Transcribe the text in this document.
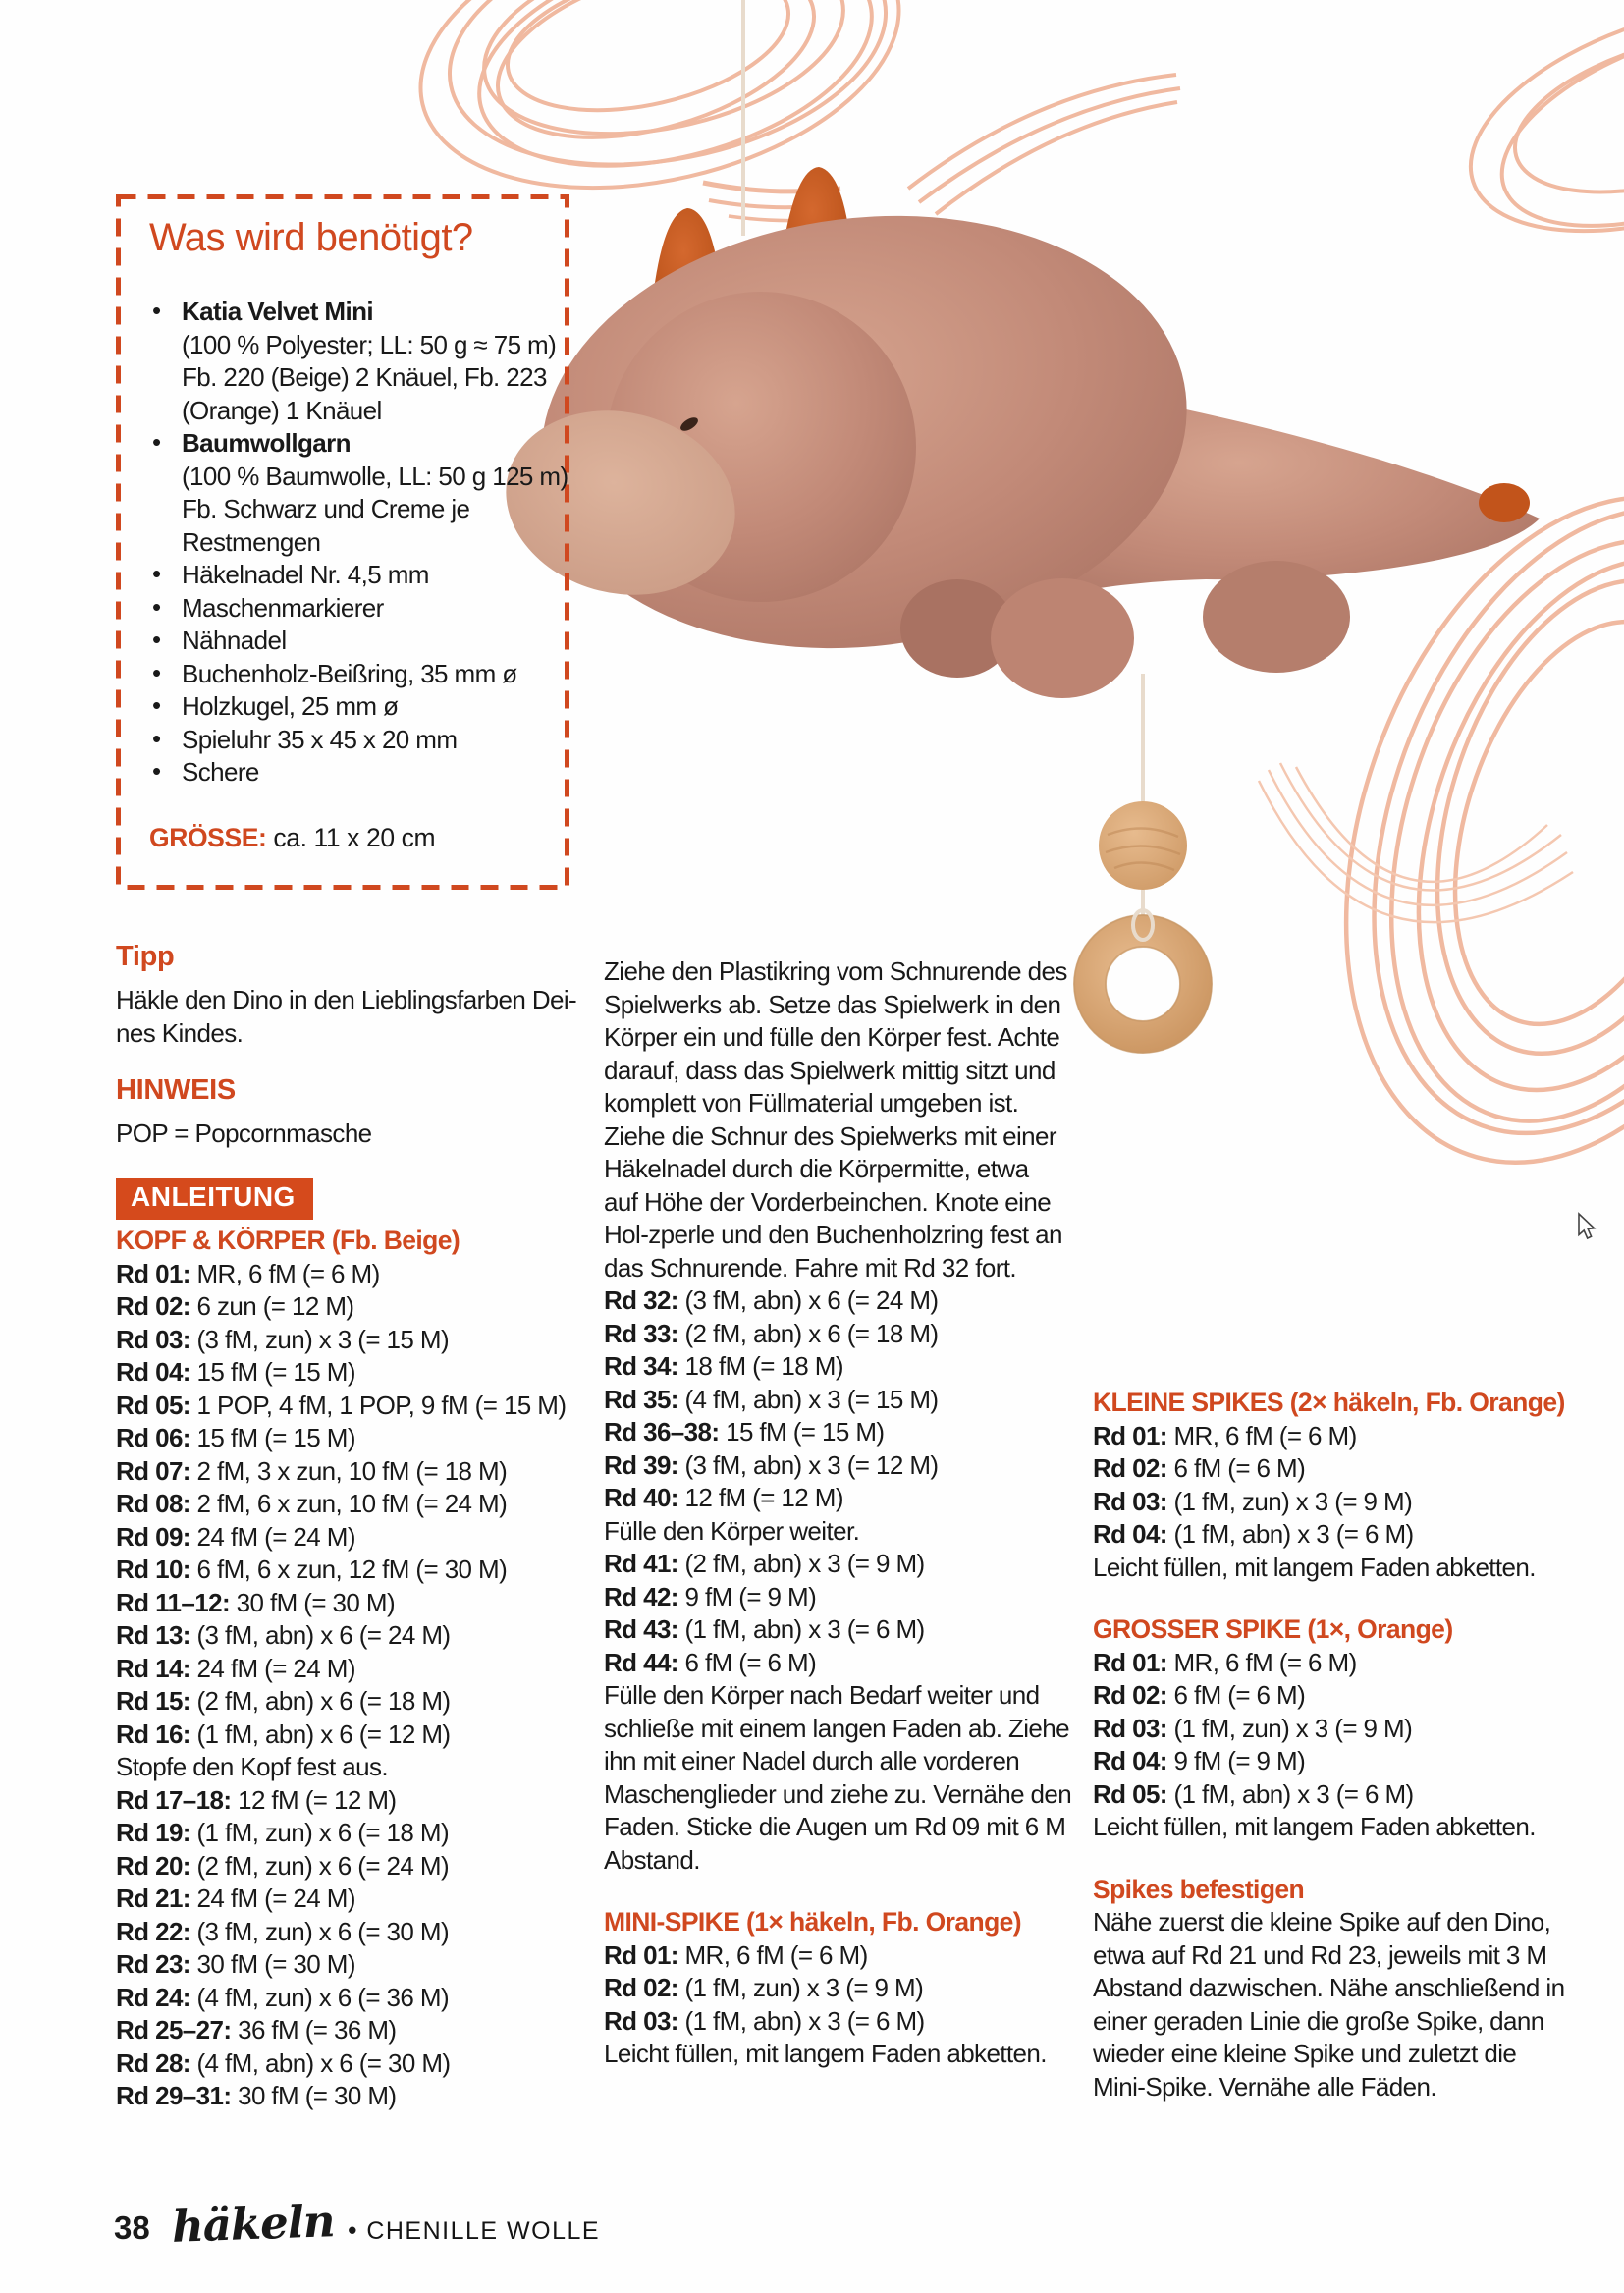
Was wird benötigt?
• Katia Velvet Mini
(100 % Polyester; LL: 50 g ≈ 75 m)
Fb. 220 (Beige) 2 Knäuel, Fb. 223
(Orange) 1 Knäuel
• Baumwollgarn
(100 % Baumwolle, LL: 50 g 125 m)
Fb. Schwarz und Creme je
Restmengen
• Häkelnadel Nr. 4,5 mm
• Maschenmarkierer
• Nähnadel
• Buchenholz-Beißring, 35 mm ø
• Holzkugel, 25 mm ø
• Spieluhr 35 x 45 x 20 mm
• Schere
GRÖSSE: ca. 11 x 20 cm
Tipp
Häkle den Dino in den Lieblingsfarben Dei-
nes Kindes.
HINWEIS
POP = Popcornmasche
ANLEITUNG
KOPF & KÖRPER (Fb. Beige)
Rd 01: MR, 6 fM (= 6 M)
Rd 02: 6 zun (= 12 M)
Rd 03: (3 fM, zun) x 3 (= 15 M)
Rd 04: 15 fM (= 15 M)
Rd 05: 1 POP, 4 fM, 1 POP, 9 fM (= 15 M)
Rd 06: 15 fM (= 15 M)
Rd 07: 2 fM, 3 x zun, 10 fM (= 18 M)
Rd 08: 2 fM, 6 x zun, 10 fM (= 24 M)
Rd 09: 24 fM (= 24 M)
Rd 10: 6 fM, 6 x zun, 12 fM (= 30 M)
Rd 11–12: 30 fM (= 30 M)
Rd 13: (3 fM, abn) x 6 (= 24 M)
Rd 14: 24 fM (= 24 M)
Rd 15: (2 fM, abn) x 6 (= 18 M)
Rd 16: (1 fM, abn) x 6 (= 12 M)
Stopfe den Kopf fest aus.
Rd 17–18: 12 fM (= 12 M)
Rd 19: (1 fM, zun) x 6 (= 18 M)
Rd 20: (2 fM, zun) x 6 (= 24 M)
Rd 21: 24 fM (= 24 M)
Rd 22: (3 fM, zun) x 6 (= 30 M)
Rd 23: 30 fM (= 30 M)
Rd 24: (4 fM, zun) x 6 (= 36 M)
Rd 25–27: 36 fM (= 36 M)
Rd 28: (4 fM, abn) x 6 (= 30 M)
Rd 29–31: 30 fM (= 30 M)
Ziehe den Plastikring vom Schnurende des
Spielwerks ab. Setze das Spielwerk in den
Körper ein und fülle den Körper fest. Achte
darauf, dass das Spielwerk mittig sitzt und
komplett von Füllmaterial umgeben ist.
Ziehe die Schnur des Spielwerks mit einer
Häkelnadel durch die Körpermitte, etwa
auf Höhe der Vorderbeinchen. Knote eine
Hol-zperle und den Buchenholzring fest an
das Schnurende. Fahre mit Rd 32 fort.
Rd 32: (3 fM, abn) x 6 (= 24 M)
Rd 33: (2 fM, abn) x 6 (= 18 M)
Rd 34: 18 fM (= 18 M)
Rd 35: (4 fM, abn) x 3 (= 15 M)
Rd 36–38: 15 fM (= 15 M)
Rd 39: (3 fM, abn) x 3 (= 12 M)
Rd 40: 12 fM (= 12 M)
Fülle den Körper weiter.
Rd 41: (2 fM, abn) x 3 (= 9 M)
Rd 42: 9 fM (= 9 M)
Rd 43: (1 fM, abn) x 3 (= 6 M)
Rd 44: 6 fM (= 6 M)
Fülle den Körper nach Bedarf weiter und
schließe mit einem langen Faden ab. Ziehe
ihn mit einer Nadel durch alle vorderen
Maschenglieder und ziehe zu. Vernähe den
Faden. Sticke die Augen um Rd 09 mit 6 M
Abstand.
MINI-SPIKE (1× häkeln, Fb. Orange)
Rd 01: MR, 6 fM (= 6 M)
Rd 02: (1 fM, zun) x 3 (= 9 M)
Rd 03: (1 fM, abn) x 3 (= 6 M)
Leicht füllen, mit langem Faden abketten.
KLEINE SPIKES (2× häkeln, Fb. Orange)
Rd 01: MR, 6 fM (= 6 M)
Rd 02: 6 fM (= 6 M)
Rd 03: (1 fM, zun) x 3 (= 9 M)
Rd 04: (1 fM, abn) x 3 (= 6 M)
Leicht füllen, mit langem Faden abketten.
GROSSER SPIKE (1×, Orange)
Rd 01: MR, 6 fM (= 6 M)
Rd 02: 6 fM (= 6 M)
Rd 03: (1 fM, zun) x 3 (= 9 M)
Rd 04: 9 fM (= 9 M)
Rd 05: (1 fM, abn) x 3 (= 6 M)
Leicht füllen, mit langem Faden abketten.
Spikes befestigen
Nähe zuerst die kleine Spike auf den Dino,
etwa auf Rd 21 und Rd 23, jeweils mit 3 M
Abstand dazwischen. Nähe anschließend in
einer geraden Linie die große Spike, dann
wieder eine kleine Spike und zuletzt die
Mini-Spike. Vernähe alle Fäden.
38 häkeln • CHENILLE WOLLE
